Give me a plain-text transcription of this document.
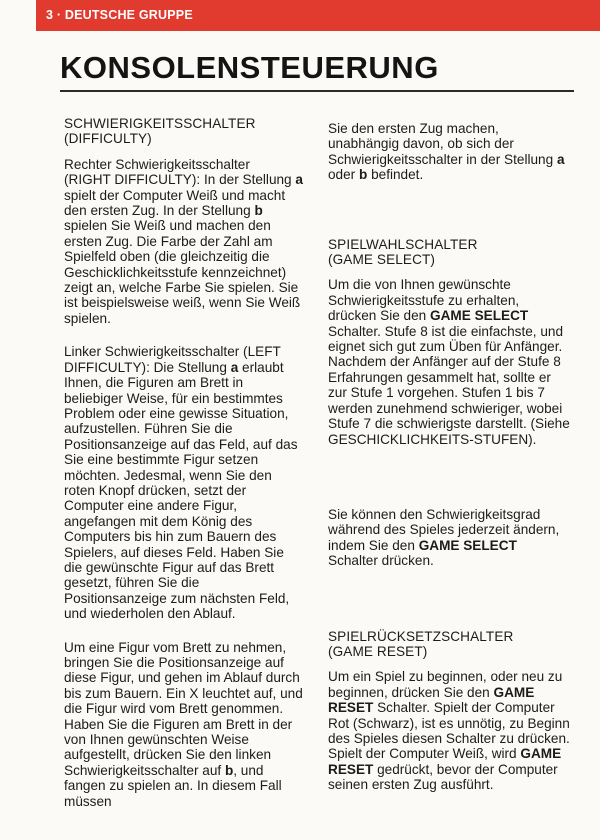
3 · DEUTSCHE GRUPPE
KONSOLENSTEUERUNG
SCHWIERIGKEITSSCHALTER
(DIFFICULTY)

Rechter Schwierigkeitsschalter
(RIGHT DIFFICULTY): In der Stellung a spielt der Computer Weiß und macht den ersten Zug. In der Stellung b spielen Sie Weiß und machen den ersten Zug. Die Farbe der Zahl am Spielfeld oben (die gleichzeitig die Geschicklichkeitsstufe kennzeichnet) zeigt an, welche Farbe Sie spielen. Sie ist beispielsweise weiß, wenn Sie Weiß spielen.

Linker Schwierigkeitsschalter (LEFT
DIFFICULTY): Die Stellung a erlaubt Ihnen, die Figuren am Brett in beliebiger Weise, für ein bestimmtes Problem oder eine gewisse Situation, aufzustellen. Führen Sie die Positionsanzeige auf das Feld, auf das Sie eine bestimmte Figur setzen möchten. Jedesmal, wenn Sie den roten Knopf drücken, setzt der Computer eine andere Figur, angefangen mit dem König des Computers bis hin zum Bauern des Spielers, auf dieses Feld. Haben Sie die gewünschte Figur auf das Brett gesetzt, führen Sie die Positionsanzeige zum nächsten Feld, und wiederholen den Ablauf.

Um eine Figur vom Brett zu nehmen, bringen Sie die Positionsanzeige auf diese Figur, und gehen im Ablauf durch bis zum Bauern. Ein X leuchtet auf, und die Figur wird vom Brett genommen. Haben Sie die Figuren am Brett in der von Ihnen gewünschten Weise aufgestellt, drücken Sie den linken Schwierigkeitsschalter auf b, und fangen zu spielen an. In diesem Fall müssen

Sie den ersten Zug machen, unabhängig davon, ob sich der Schwierigkeitsschalter in der Stellung a oder b befindet.

SPIELWAHLSCHALTER
(GAME SELECT)

Um die von Ihnen gewünschte Schwierigkeitsstufe zu erhalten, drücken Sie den GAME SELECT Schalter. Stufe 8 ist die einfachste, und eignet sich gut zum Üben für Anfänger. Nachdem der Anfänger auf der Stufe 8 Erfahrungen gesammelt hat, sollte er zur Stufe 1 vorgehen. Stufen 1 bis 7 werden zunehmend schwieriger, wobei Stufe 7 die schwierigste darstellt. (Siehe GESCHICKLICHKEITS-STUFEN).

Sie können den Schwierigkeitsgrad während des Spieles jederzeit ändern, indem Sie den GAME SELECT Schalter drücken.

SPIELRÜCKSETZSCHALTER
(GAME RESET)

Um ein Spiel zu beginnen, oder neu zu beginnen, drücken Sie den GAME RESET Schalter. Spielt der Computer Rot (Schwarz), ist es unnötig, zu Beginn des Spieles diesen Schalter zu drücken. Spielt der Computer Weiß, wird GAME RESET gedrückt, bevor der Computer seinen ersten Zug ausführt.
